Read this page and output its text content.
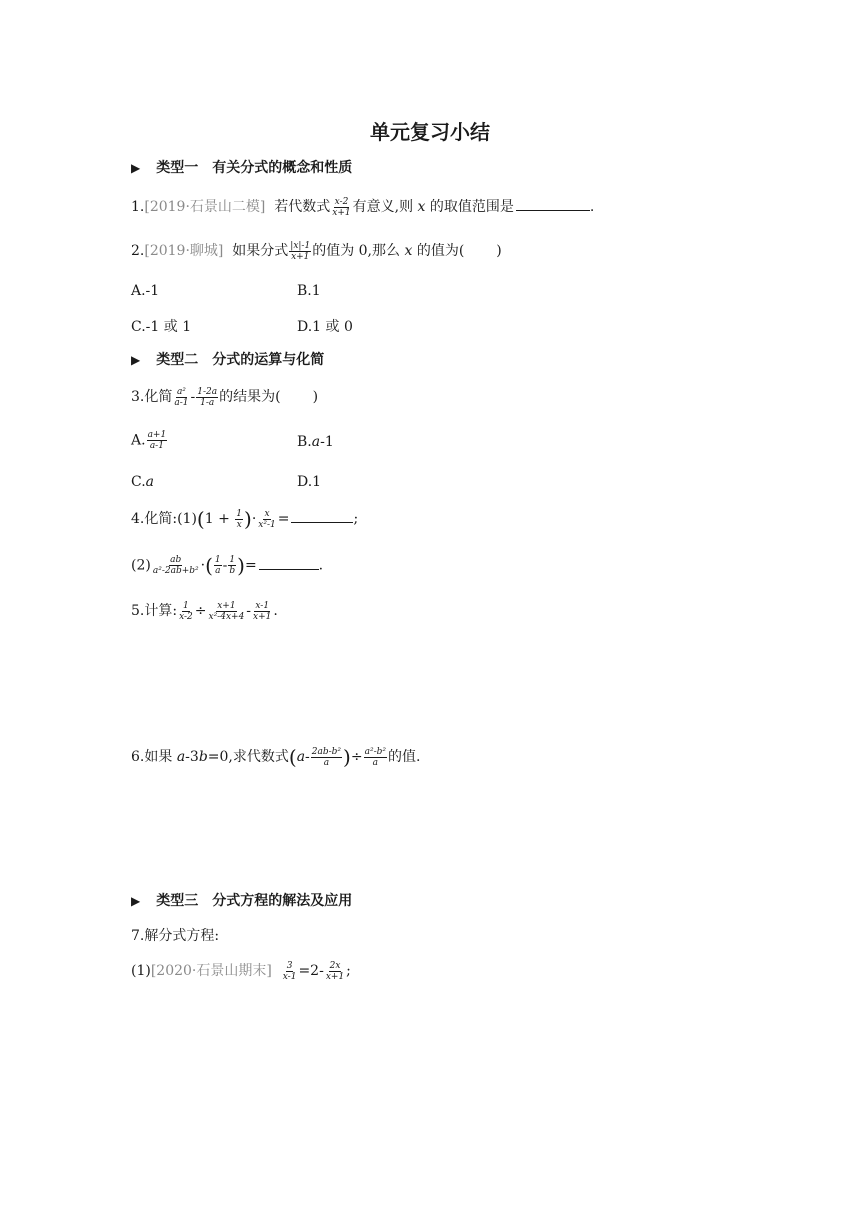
单元复习小结
▶ 类型一 有关分式的概念和性质
1.[2019·石景山二模] 若代数式 $\frac{x-2}{x+1}$ 有意义,则 x 的取值范围是	.
2.[2019·聊城] 如果分式 $\frac{|x|-1}{x+1}$ 的值为 0,那么 x 的值为( )
A.-1	B.1
C.-1 或 1	D.1 或 0
▶ 类型二 分式的运算与化简
3.化简 $\frac{\text{a²}}{a-1} - \frac{1-2a}{1-a}$ 的结果为( )
A. $\frac{a+1}{a-1}$	B.a-1
C.a	D.1
4.化简:(1)(1 + $\frac{1}{x}$ )· $\frac{x}{\text{x²-1}}$ =	;
$(2) \frac{ab}{\text{a²-2ab+b²}}$ ·( $\frac{1}{a} - \frac{1}{b}$ )=	.
5.计算: $\frac{1}{x-2} \div \frac{x+1}{\text{x²-4x+4}} - \frac{x-1}{x+1}$ .
6.如果 a-3b=0,求代数式($a- \frac{\text{2ab-b²}}{a}$ )÷ $\frac{\text{a²-b²}}{a}$ 的值.
▶ 类型三 分式方程的解法及应用
7.解分式方程:
(1)[2020·石景山期末] $\frac{3}{x-1} =2- \frac{2x}{x+1}$ ;
